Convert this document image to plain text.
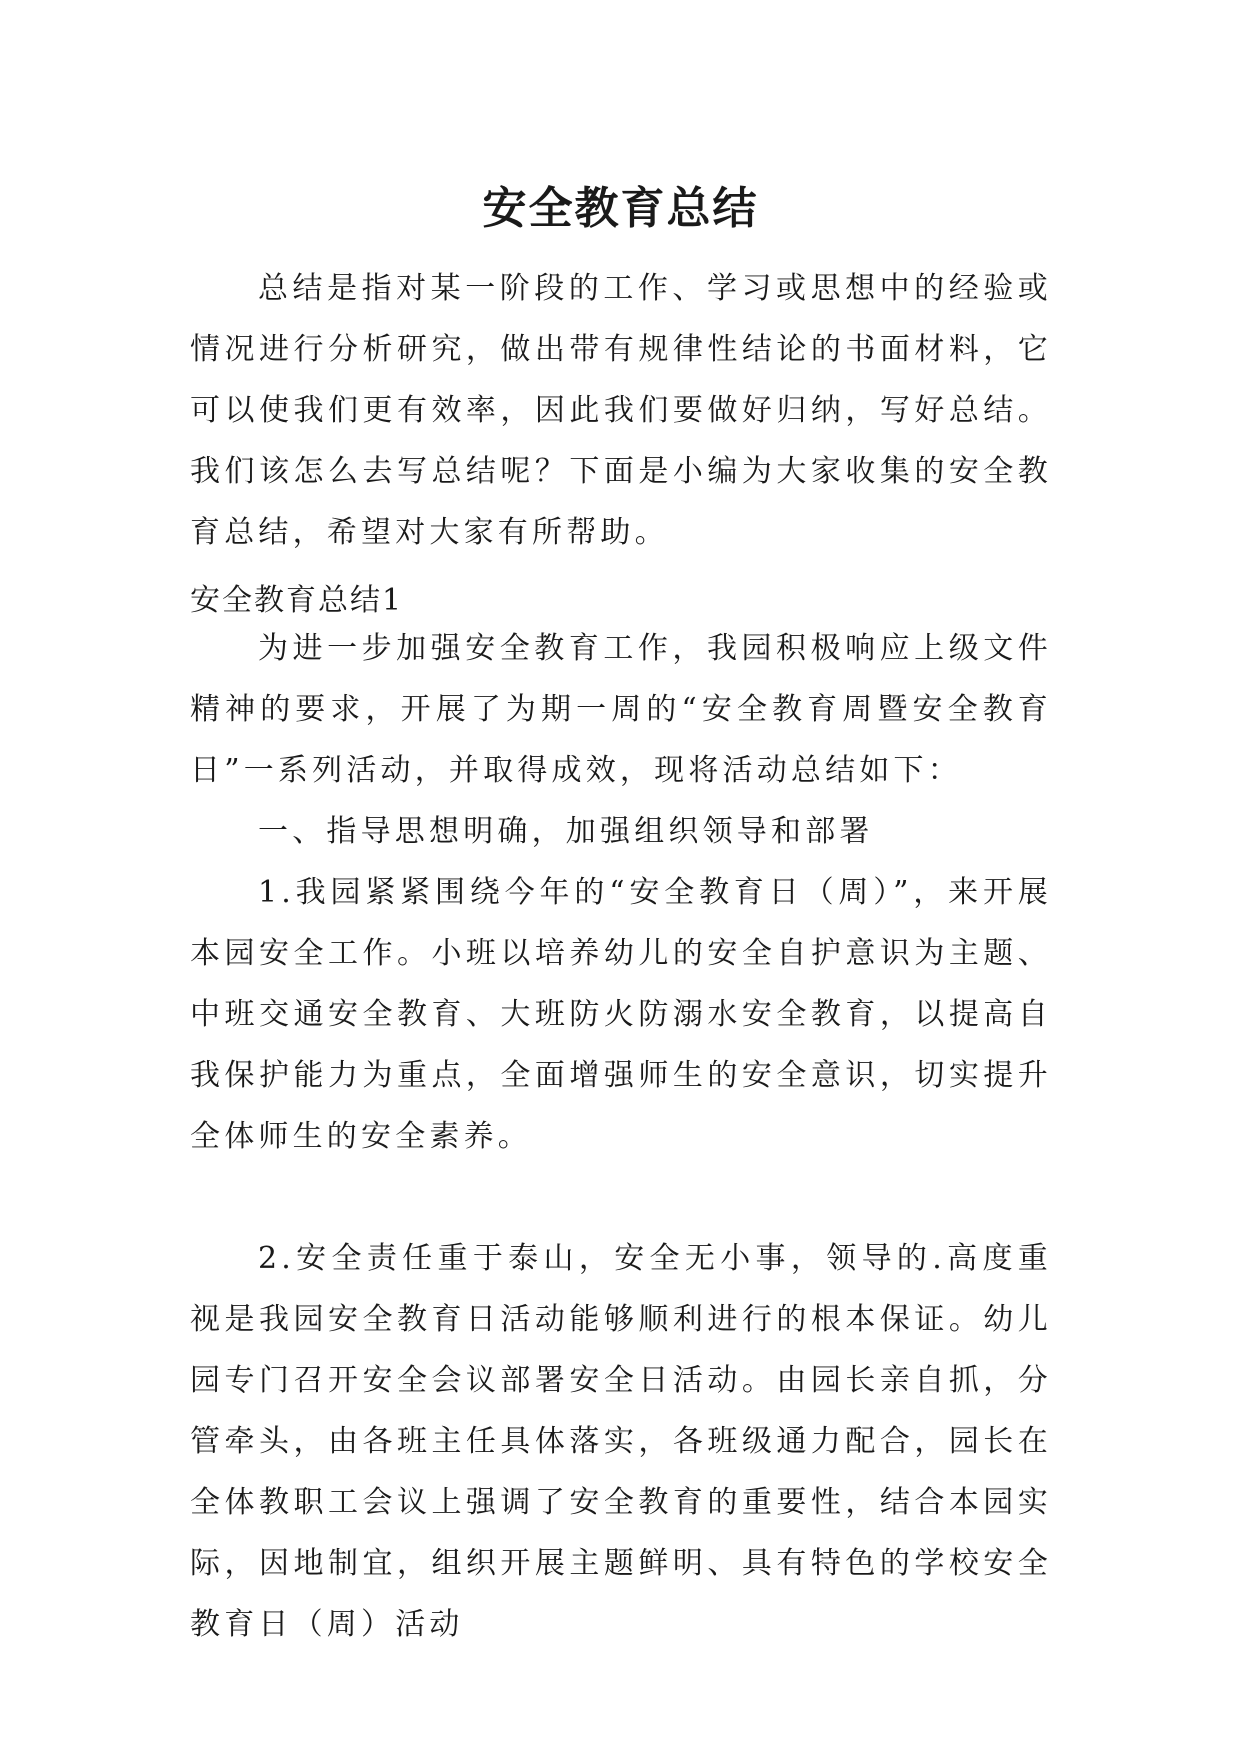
安全教育总结

总结是指对某一阶段的工作、学习或思想中的经验或情况进行分析研究，做出带有规律性结论的书面材料，它可以使我们更有效率，因此我们要做好归纳，写好总结。我们该怎么去写总结呢？下面是小编为大家收集的安全教育总结，希望对大家有所帮助。

安全教育总结1

为进一步加强安全教育工作，我园积极响应上级文件精神的要求，开展了为期一周的“安全教育周暨安全教育日”一系列活动，并取得成效，现将活动总结如下：

一、指导思想明确，加强组织领导和部署

1.我园紧紧围绕今年的“安全教育日（周）”，来开展本园安全工作。小班以培养幼儿的安全自护意识为主题、中班交通安全教育、大班防火防溺水安全教育，以提高自我保护能力为重点，全面增强师生的安全意识，切实提升全体师生的安全素养。

2.安全责任重于泰山，安全无小事，领导的.高度重视是我园安全教育日活动能够顺利进行的根本保证。幼儿园专门召开安全会议部署安全日活动。由园长亲自抓，分管牵头，由各班主任具体落实，各班级通力配合，园长在全体教职工会议上强调了安全教育的重要性，结合本园实际，因地制宜，组织开展主题鲜明、具有特色的学校安全教育日（周）活动
